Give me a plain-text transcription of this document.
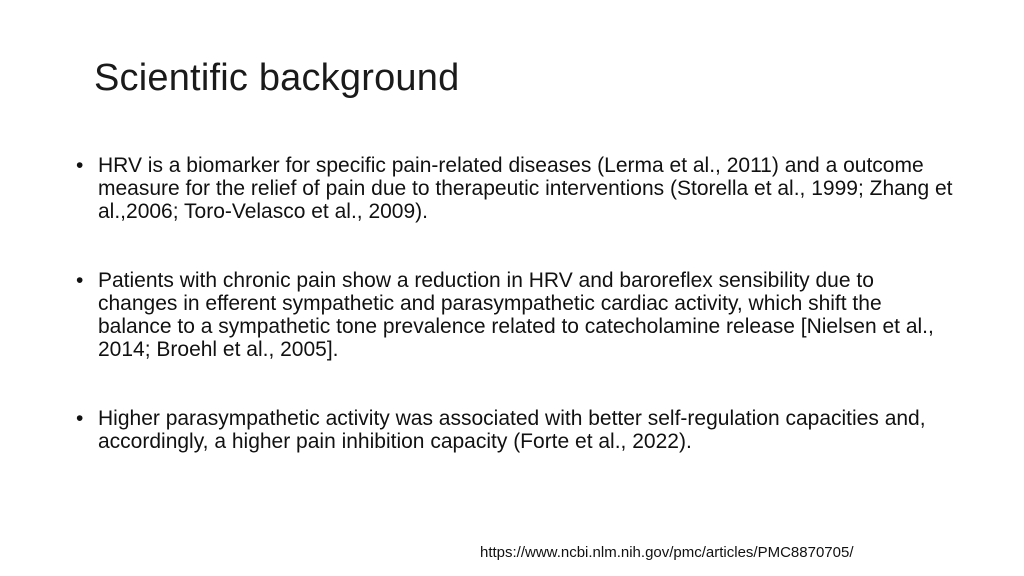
Scientific background
• HRV is a biomarker for specific pain-related diseases (Lerma et al., 2011) and a outcome measure for the relief of pain due to therapeutic interventions (Storella et al., 1999; Zhang et al.,2006; Toro-Velasco et al., 2009).
• Patients with chronic pain show a reduction in HRV and baroreflex sensibility due to changes in efferent sympathetic and parasympathetic cardiac activity, which shift the balance to a sympathetic tone prevalence related to catecholamine release [Nielsen et al., 2014; Broehl et al., 2005].
• Higher parasympathetic activity was associated with better self-regulation capacities and, accordingly, a higher pain inhibition capacity (Forte et al., 2022).
https://www.ncbi.nlm.nih.gov/pmc/articles/PMC8870705/
